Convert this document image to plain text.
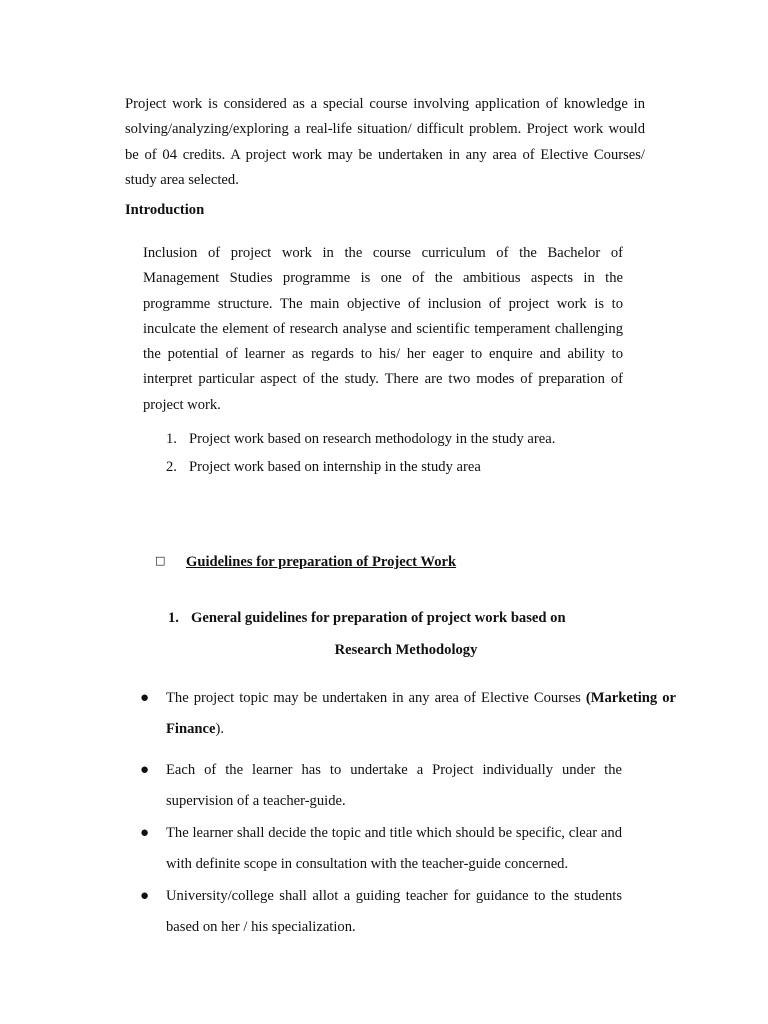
Project work is considered as a special course involving application of knowledge in solving/analyzing/exploring a real-life situation/ difficult problem. Project work would be of 04 credits. A project work may be undertaken in any area of Elective Courses/ study area selected.
Introduction
Inclusion of project work in the course curriculum of the Bachelor of Management Studies programme is one of the ambitious aspects in the programme structure. The main objective of inclusion of project work is to inculcate the element of research analyse and scientific temperament challenging the potential of learner as regards to his/ her eager to enquire and ability to interpret particular aspect of the study. There are two modes of preparation of project work.
1. Project work based on research methodology in the study area.
2. Project work based on internship in the study area
□ Guidelines for preparation of Project Work
1. General guidelines for preparation of project work based on
Research Methodology
● The project topic may be undertaken in any area of Elective Courses (Marketing or Finance).
● Each of the learner has to undertake a Project individually under the supervision of a teacher-guide.
● The learner shall decide the topic and title which should be specific, clear and with definite scope in consultation with the teacher-guide concerned.
● University/college shall allot a guiding teacher for guidance to the students based on her / his specialization.
